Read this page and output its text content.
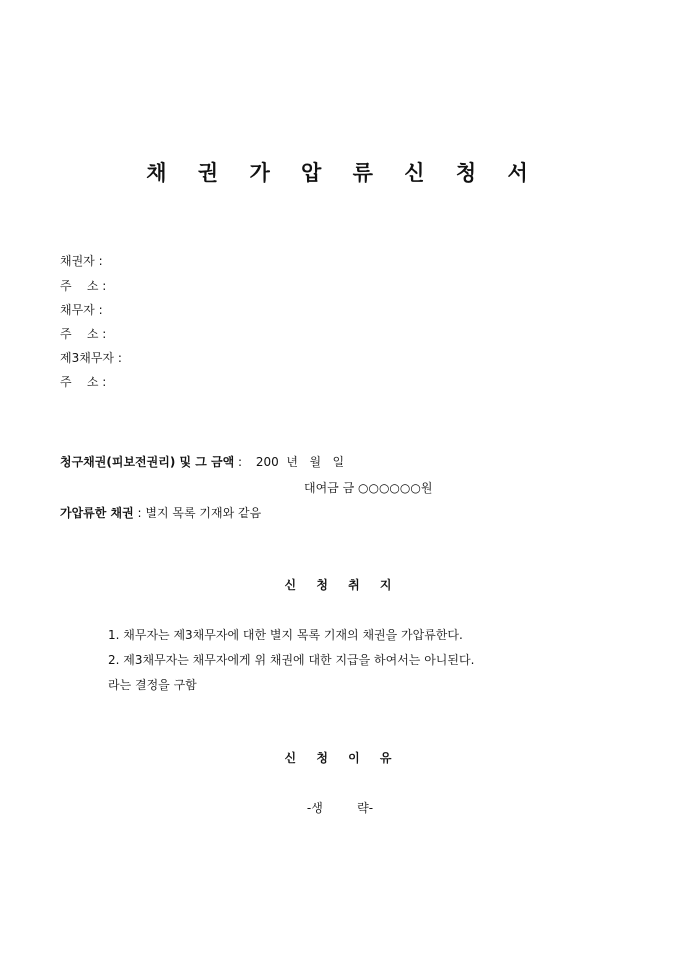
채 권 가 압 류 신 청 서
채권자 :
주    소 :
채무자 :
주    소 :
제3채무자 :
주    소 :
청구채권(피보전권리) 및 그 금액 : 200  년   월   일
대여금 금 ○○○○○○원
가압류한 채권 : 별지 목록 기재와 같음
신 청 취 지
1. 채무자는 제3채무자에 대한 별지 목록 기재의 채권을 가압류한다.
2. 제3채무자는 채무자에게 위 채권에 대한 지급을 하여서는 아니된다.
라는 결정을 구함
신 청 이 유
-생         략-
